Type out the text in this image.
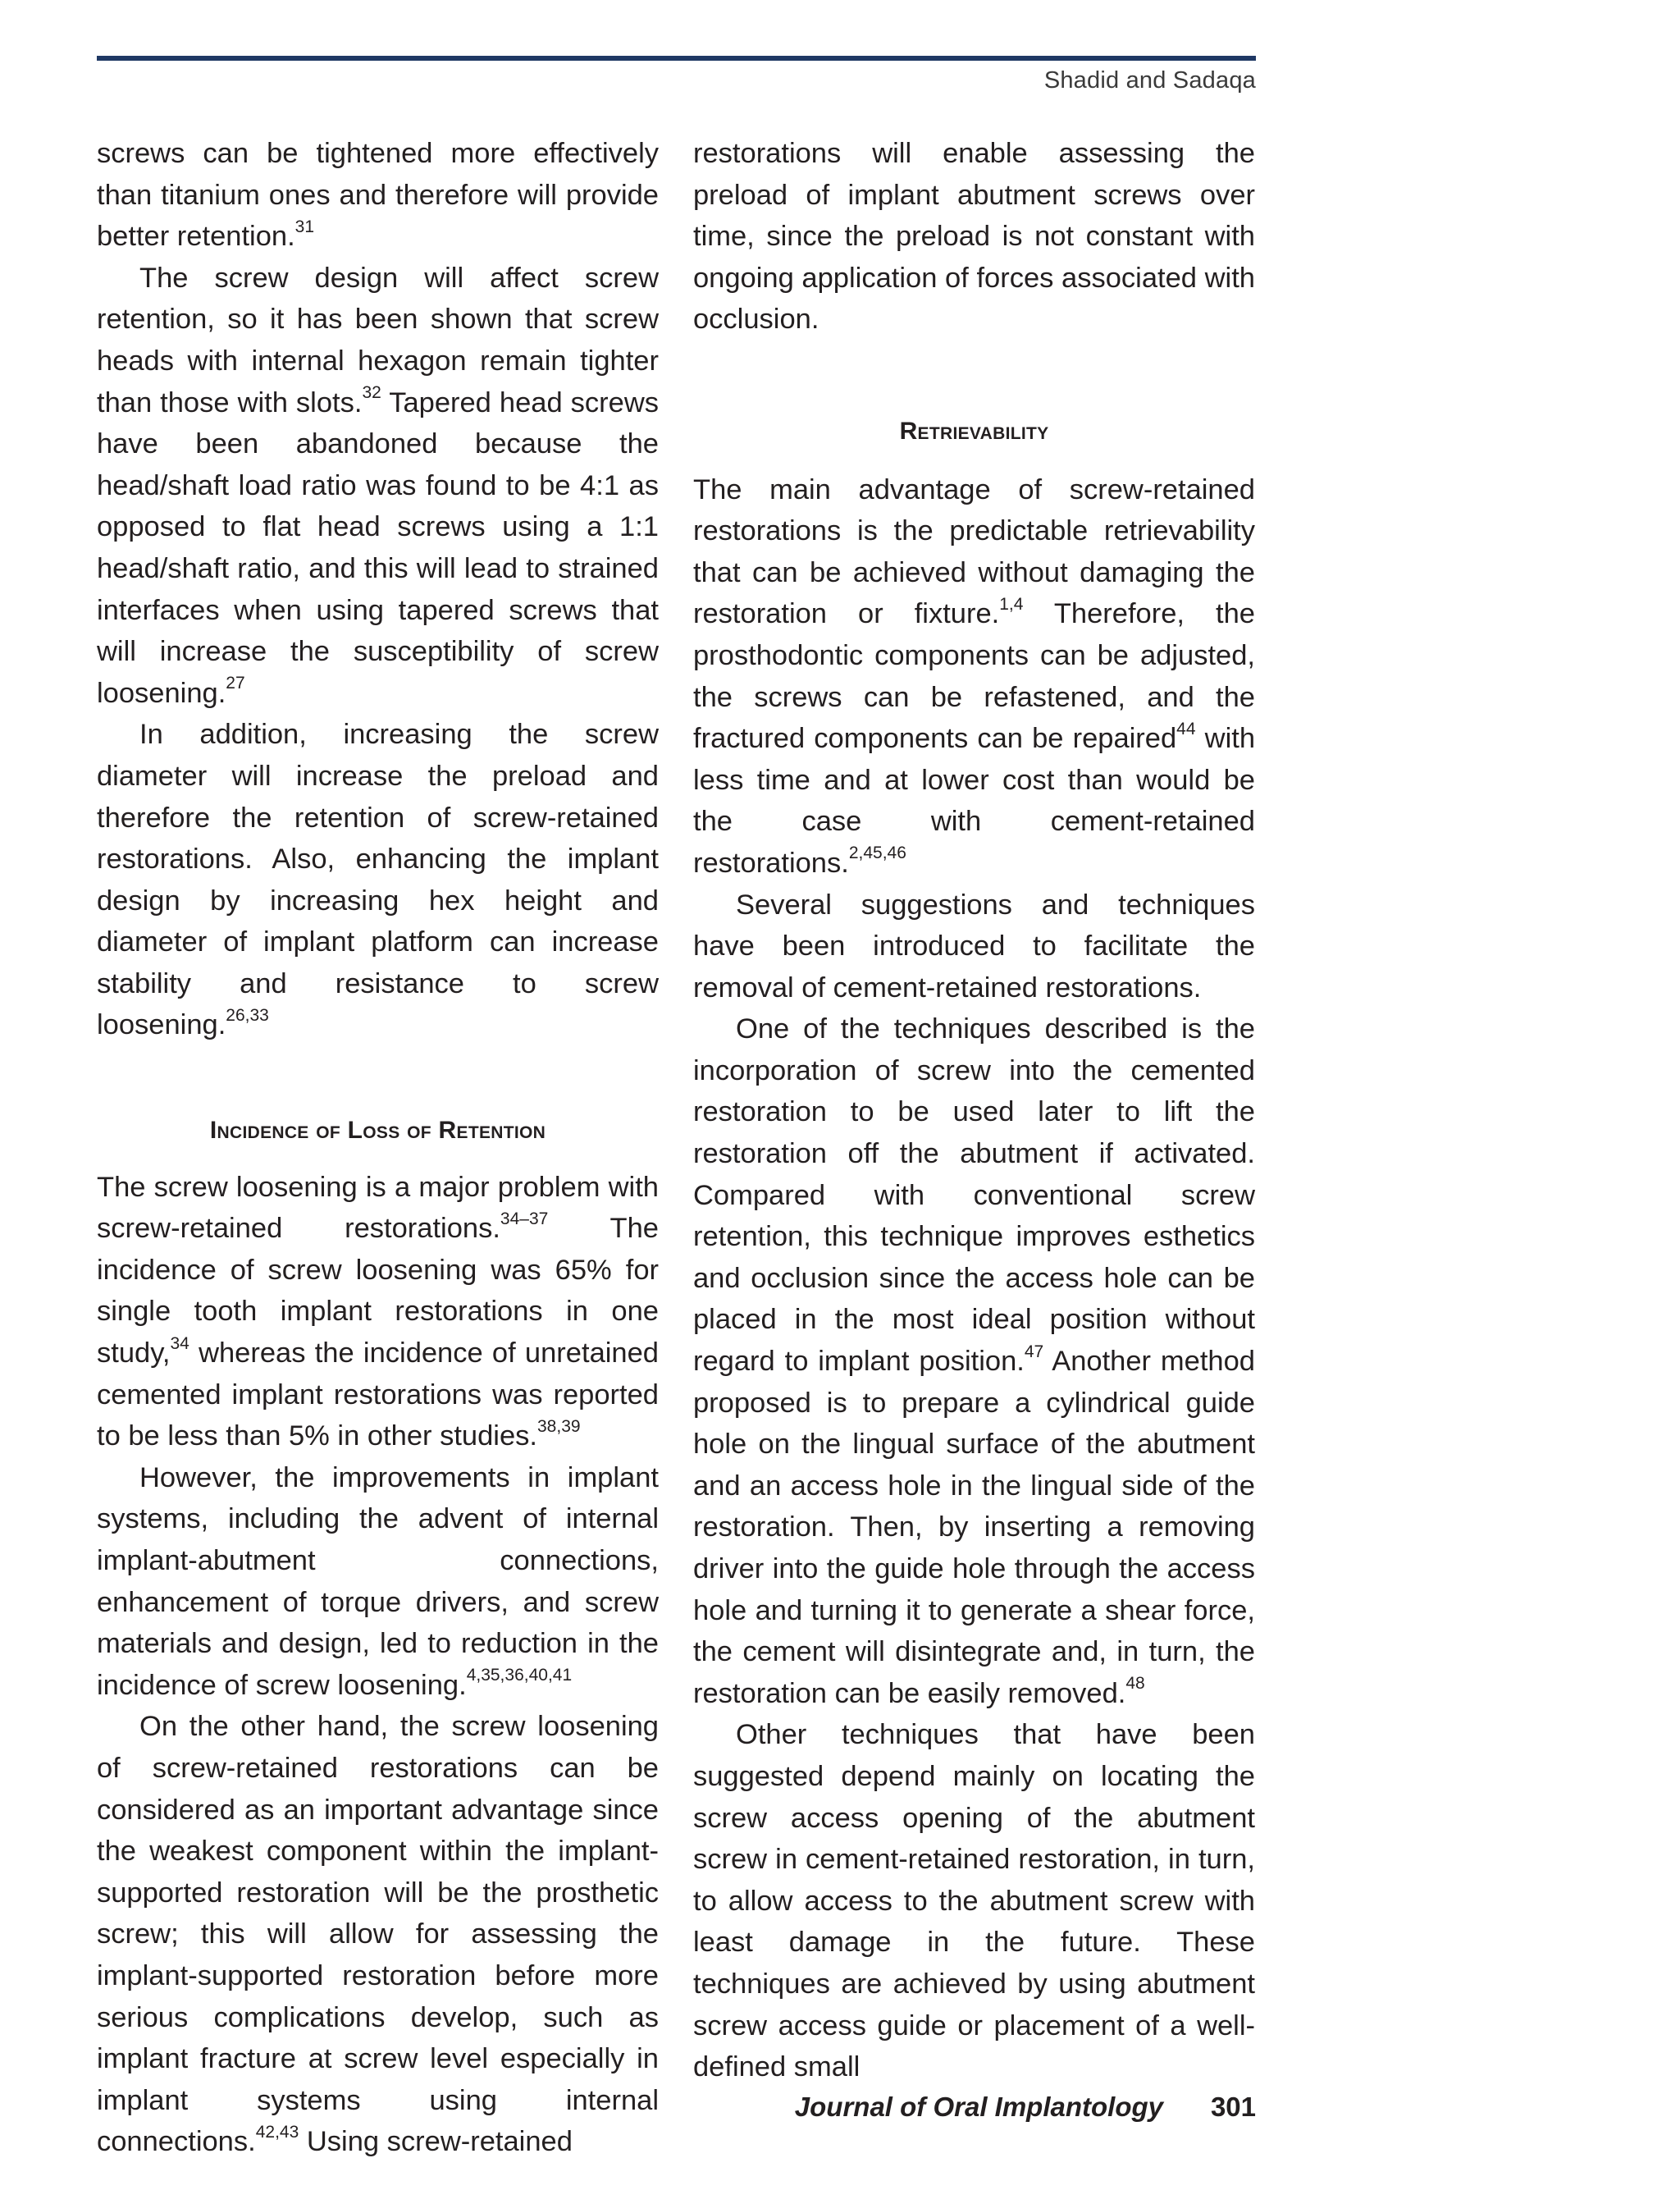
Shadid and Sadaqa

screws can be tightened more effectively than titanium ones and therefore will provide better retention.$^{31}$

The screw design will affect screw retention, so it has been shown that screw heads with internal hexagon remain tighter than those with slots.$^{32}$ Tapered head screws have been abandoned because the head/shaft load ratio was found to be 4:1 as opposed to flat head screws using a 1:1 head/shaft ratio, and this will lead to strained interfaces when using tapered screws that will increase the susceptibility of screw loosening.$^{27}$

In addition, increasing the screw diameter will increase the preload and therefore the retention of screw-retained restorations. Also, enhancing the implant design by increasing hex height and diameter of implant platform can increase stability and resistance to screw loosening.$^{26,33}$

Incidence of Loss of Retention

The screw loosening is a major problem with screw-retained restorations.$^{34-37}$ The incidence of screw loosening was 65% for single tooth implant restorations in one study,$^{34}$ whereas the incidence of unretained cemented implant restorations was reported to be less than 5% in other studies.$^{38,39}$

However, the improvements in implant systems, including the advent of internal implant-abutment connections, enhancement of torque drivers, and screw materials and design, led to reduction in the incidence of screw loosening.$^{4,35,36,40,41}$

On the other hand, the screw loosening of screw-retained restorations can be considered as an important advantage since the weakest component within the implant-supported restoration will be the prosthetic screw; this will allow for assessing the implant-supported restoration before more serious complications develop, such as implant fracture at screw level especially in implant systems using internal connections.$^{42,43}$ Using screw-retained

restorations will enable assessing the preload of implant abutment screws over time, since the preload is not constant with ongoing application of forces associated with occlusion.

Retrievability

The main advantage of screw-retained restorations is the predictable retrievability that can be achieved without damaging the restoration or fixture.$^{1,4}$ Therefore, the prosthodontic components can be adjusted, the screws can be refastened, and the fractured components can be repaired$^{44}$ with less time and at lower cost than would be the case with cement-retained restorations.$^{2,45,46}$

Several suggestions and techniques have been introduced to facilitate the removal of cement-retained restorations.

One of the techniques described is the incorporation of screw into the cemented restoration to be used later to lift the restoration off the abutment if activated. Compared with conventional screw retention, this technique improves esthetics and occlusion since the access hole can be placed in the most ideal position without regard to implant position.$^{47}$ Another method proposed is to prepare a cylindrical guide hole on the lingual surface of the abutment and an access hole in the lingual side of the restoration. Then, by inserting a removing driver into the guide hole through the access hole and turning it to generate a shear force, the cement will disintegrate and, in turn, the restoration can be easily removed.$^{48}$

Other techniques that have been suggested depend mainly on locating the screw access opening of the abutment screw in cement-retained restoration, in turn, to allow access to the abutment screw with least damage in the future. These techniques are achieved by using abutment screw access guide or placement of a well-defined small

Journal of Oral Implantology 301
